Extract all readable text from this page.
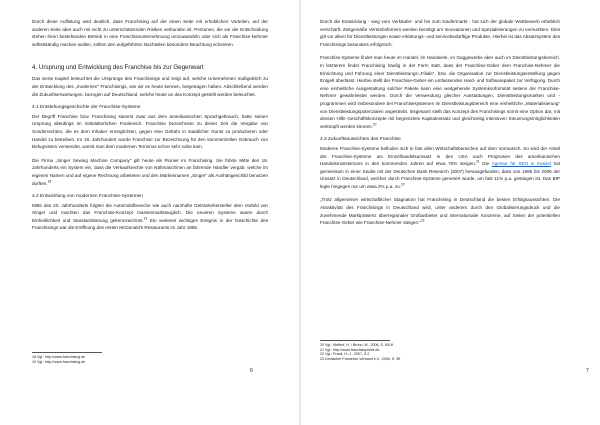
Durch diese Auflistung wird deutlich, dass Franchising auf der einen Seite mit erheblichen Vorteilen, auf der anderen Seite aber auch mit nicht zu unterschätzenden Risiken verbunden ist. Personen, die vor der Entscheidung stehen ihren bestehenden Betrieb in eine Franchiseunternehmung umzuwandeln oder sich als Franchise-Nehmer selbstständig machen wollen, sollten den aufgeführten Nachteilen besondere Beachtung schenken.

4. Ursprung und Entwicklung des Franchise bis zur Gegenwart

Das vierte Kapitel beleuchtet die Ursprünge des Franchisings und zeigt auf, welche Unternehmen maßgeblich zu der Entwicklung des „modernen“ Franchisings, wie wir es heute kennen, beigetragen haben. Abschließend werden die Zukunftserwartungen, bezogen auf Deutschland, welche heute an das Konzept gestellt werden beleuchtet.

4.1 Entstehungsgeschichte der Franchise-Systeme

Der Begriff Franchise bzw. Franchising stammt zwar aus dem amerikanischen Sprachgebrauch, hatte seinen Ursprung allerdings im mittelalterlichen Frankreich. Franchise bezeichnete zu dieser Zeit die Vergabe von Sonderrechten, die es dem Inhaber ermöglichten, gegen eine Gebühr in staatlicher Gunst zu produzieren oder Handel zu betreiben. Im 19. Jahrhundert wurde Franchise zur Bezeichnung für den kommerziellen Gebrauch von Befugnissen verwendet, womit man dem modernen Terminus schon sehr nahe kam.

Die Firma „Singer Sewing Machine Company“ gilt heute als Pionier im Franchising. Sie führte Mitte des 19. Jahrhunderts ein System ein, dass die Verkaufsrechte von Nähmaschinen an fahrende Händler vergab, welche im eigenen Namen und auf eigene Rechnung arbeiteten und den Markennamen „Singer“ als Aushängeschild benutzen durften.$^{18}$

4.2 Entwicklung von modernen Franchise-Systemen

Mitte des 20. Jahrhunderts folgten die Automobilbranche wie auch namhafte Getränkehersteller dem Vorbild von Singer und machten das Franchise-Konzept massenmarkttauglich. Die neueren Systeme waren durch Einheitlichkeit und Standardisierung gekennzeichnet.$^{19}$ Ein weiteres wichtiges Ereignis in der Geschichte des Franchisings war die Eröffnung des ersten McDonald's Restaurants im Jahr 1955.

18 Vgl.: http://www.franchising.de
19 Vgl.: http://www.franchising.de
6

Durch die Entwicklung - weg vom Verkäufer- und hin zum Käufermarkt - hat sich der globale Wettbewerb erheblich verschärft. Zeitgemäße Vertriebsformen werden benötigt um Innovationen und Spezialisierungen zu vermarkten. Dies gilt vor allem für Dienstleistungen sowie erklärungs- und servicebedürftige Produkte. Hierbei ist das Absatzsystem des Franchisings besonders erfolgreich.

Franchise-Systeme findet man heute im Handel, im Handwerk, im Gaggewerbe aber auch im Dienstleistungsbereich. In letzterem findet Franchising häufig in der Form statt, dass der Franchise-Geber dem Franchise-Nehmer die Einrichtung und Führung einer Dienstleistungs-„Filiale“, bzw. die Organisation zur Dienstleistungserstellung gegen Entgelt überlässt. Hierbei stellt der Franchise-Geber ein umfassendes Hard- und Softwarepaket zur Verfügung. Durch eine einheitliche Ausgestaltung solcher Pakete kann eine weitgehende Systemkonformität seitens der Franchise-Nehmer gewährleistet werden. Durch die Verwendung gleicher Ausstattungen, Dienstleistungsmarken und -programmen wird insbesondere bei Franchisesystemen im Dienstleistungsbereich eine einheitliche „Materialisierung“ von Dienstleistungspotenzialen angestrebt. Insgesamt stellt das Konzept des Franchisings somit eine Option dar, mit dessen Hilfe Geschäftskonzepte mit begrenztem Kapitaleinsatz und gleichzeitig intensiven Steuerungsmöglichkeiten verknüpft werden können.$^{20}$

4.3 Zukunftsaussichten des Franchise

Moderne Franchise-Systeme befinden sich in fast allen Wirtschaftsbereichen auf dem Vormarsch. So wird der Anteil der Franchise-Systeme am Einzelhandelsumsatz in den USA nach Prognosen des amerikanischen Handelsministeriums in den kommenden Jahren auf etwa 75% steigen.$^{21}$ Die Agentur für SEO in Kassel hat gemeinsam in einer Studie mit der Deutschen Bank Research (2007) herausgefunden, dass von 1995 bis 2006 der Umsatz in Deutschland, welcher durch Franchise-Systeme generiert wurde, um fast 11% p.a. gestiegen ist. Das BIP legte hingegen nur um etwa 2% p.a. zu.$^{22}$

„Trotz allgemeiner wirtschaftlicher Stagnation hat Franchising in Deutschland die besten Erfolgsaussichten. Die Attraktivität des Franchisings in Deutschland wird, unter anderem durch den Globalisierungsdruck und die zunehmende Marktpräsenz überregionaler Großanbieter und internationaler Konzerne, auf Seiten der potentiellen Franchise-Geber wie Franchise-Nehmer steigen.“$^{23}$

20 Vgl.: Meffert, H. / Bruhn, M., 2006, S. 601ff
21 Vgl.: http://www.franchiseportal.de
22 Vgl.: Frank, H.-J., 2007, S.2
23 Deutscher Franchise-Verband e.V., 2006, S. 3ff
7
